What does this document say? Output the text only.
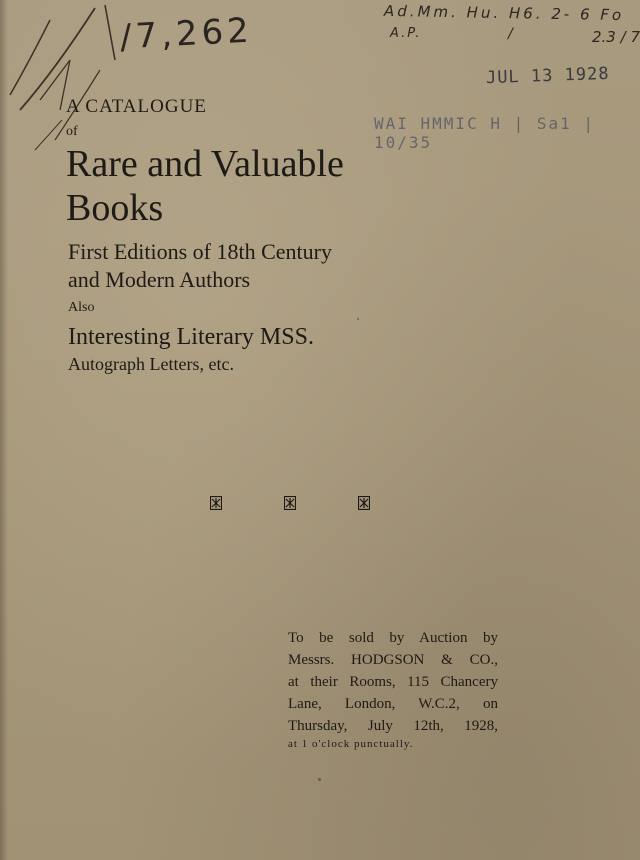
/7,262	Ad.Mm. Hu. H6. 2- 6 Fo
A.P.	/	2.3 / 7
JUL 13 1928
WAI HMMIC H | Sa1 | 10/35
A CATALOGUE
of
Rare and Valuable
Books
First Editions of 18th Century
and Modern Authors
Also
Interesting Literary MSS.
Autograph Letters, etc.
To be sold by Auction by
Messrs. HODGSON & CO.,
at their Rooms, 115 Chancery
Lane, London, W.C.2, on
Thursday, July 12th, 1928,
at 1 o'clock punctually.
